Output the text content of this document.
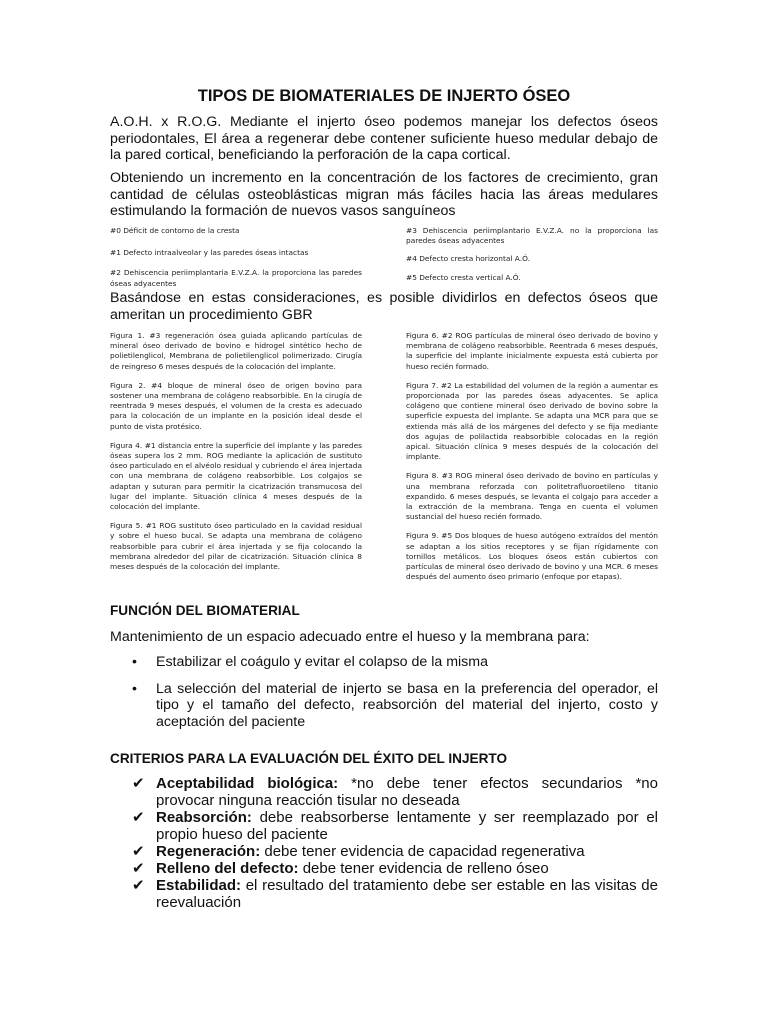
TIPOS DE BIOMATERIALES DE INJERTO ÓSEO
A.O.H. x R.O.G. Mediante el injerto óseo podemos manejar los defectos óseos periodontales, El área a regenerar debe contener suficiente hueso medular debajo de la pared cortical, beneficiando la perforación de la capa cortical.
Obteniendo un incremento en la concentración de los factores de crecimiento, gran cantidad de células osteoblásticas migran más fáciles hacia las áreas medulares estimulando la formación de nuevos vasos sanguíneos

#0 Déficit de contorno de la cresta

#1 Defecto intraalveolar y las paredes óseas intactas

#2 Dehiscencia periimplantaria E.V.Z.A. la proporciona las paredes óseas adyacentes

#3 Dehiscencia periimplantario E.V.Z.A. no la proporciona las paredes óseas adyacentes

#4 Defecto cresta horizontal A.Ó.

#5 Defecto cresta vertical A.Ó.

Basándose en estas consideraciones, es posible dividirlos en defectos óseos que ameritan un procedimiento GBR

Figura 1. #3 regeneración ósea guiada aplicando partículas de mineral óseo derivado de bovino e hidrogel sintético hecho de polietilenglicol, Membrana de polietilenglicol polimerizado. Cirugía de reingreso 6 meses después de la colocación del implante.

Figura 2. #4 bloque de mineral óseo de origen bovino para sostener una membrana de colágeno reabsorbible. En la cirugía de reentrada 9 meses después, el volumen de la cresta es adecuado para la colocación de un implante en la posición ideal desde el punto de vista protésico.

Figura 4. #1 distancia entre la superficie del implante y las paredes óseas supera los 2 mm. ROG mediante la aplicación de sustituto óseo particulado en el alvéolo residual y cubriendo el área injertada con una membrana de colágeno reabsorbible. Los colgajos se adaptan y suturan para permitir la cicatrización transmucosa del lugar del implante. Situación clínica 4 meses después de la colocación del implante.

Figura 5. #1 ROG sustituto óseo particulado en la cavidad residual y sobre el hueso bucal. Se adapta una membrana de colágeno reabsorbible para cubrir el área injertada y se fija colocando la membrana alrededor del pilar de cicatrización. Situación clínica 8 meses después de la colocación del implante.

Figura 6. #2 ROG partículas de mineral óseo derivado de bovino y membrana de colágeno reabsorbible. Reentrada 6 meses después, la superficie del implante inicialmente expuesta está cubierta por hueso recién formado.

Figura 7. #2 La estabilidad del volumen de la región a aumentar es proporcionada por las paredes óseas adyacentes. Se aplica colágeno que contiene mineral óseo derivado de bovino sobre la superficie expuesta del implante. Se adapta una MCR para que se extienda más allá de los márgenes del defecto y se fija mediante dos agujas de polilactida reabsorbible colocadas en la región apical. Situación clínica 9 meses después de la colocación del implante.

Figura 8. #3 ROG mineral óseo derivado de bovino en partículas y una membrana reforzada con politetrafluoroetileno titanio expandido. 6 meses después, se levanta el colgajo para acceder a la extracción de la membrana. Tenga en cuenta el volumen sustancial del hueso recién formado.

Figura 9. #5 Dos bloques de hueso autógeno extraídos del mentón se adaptan a los sitios receptores y se fijan rígidamente con tornillos metálicos. Los bloques óseos están cubiertos con partículas de mineral óseo derivado de bovino y una MCR. 6 meses después del aumento óseo primario (enfoque por etapas).

FUNCIÓN DEL BIOMATERIAL
Mantenimiento de un espacio adecuado entre el hueso y la membrana para:
• Estabilizar el coágulo y evitar el colapso de la misma
• La selección del material de injerto se basa en la preferencia del operador, el tipo y el tamaño del defecto, reabsorción del material del injerto, costo y aceptación del paciente
CRITERIOS PARA LA EVALUACIÓN DEL ÉXITO DEL INJERTO
✔ Aceptabilidad biológica: *no debe tener efectos secundarios *no provocar ninguna reacción tisular no deseada
✔ Reabsorción: debe reabsorberse lentamente y ser reemplazado por el propio hueso del paciente
✔ Regeneración: debe tener evidencia de capacidad regenerativa
✔ Relleno del defecto: debe tener evidencia de relleno óseo
✔ Estabilidad: el resultado del tratamiento debe ser estable en las visitas de reevaluación
